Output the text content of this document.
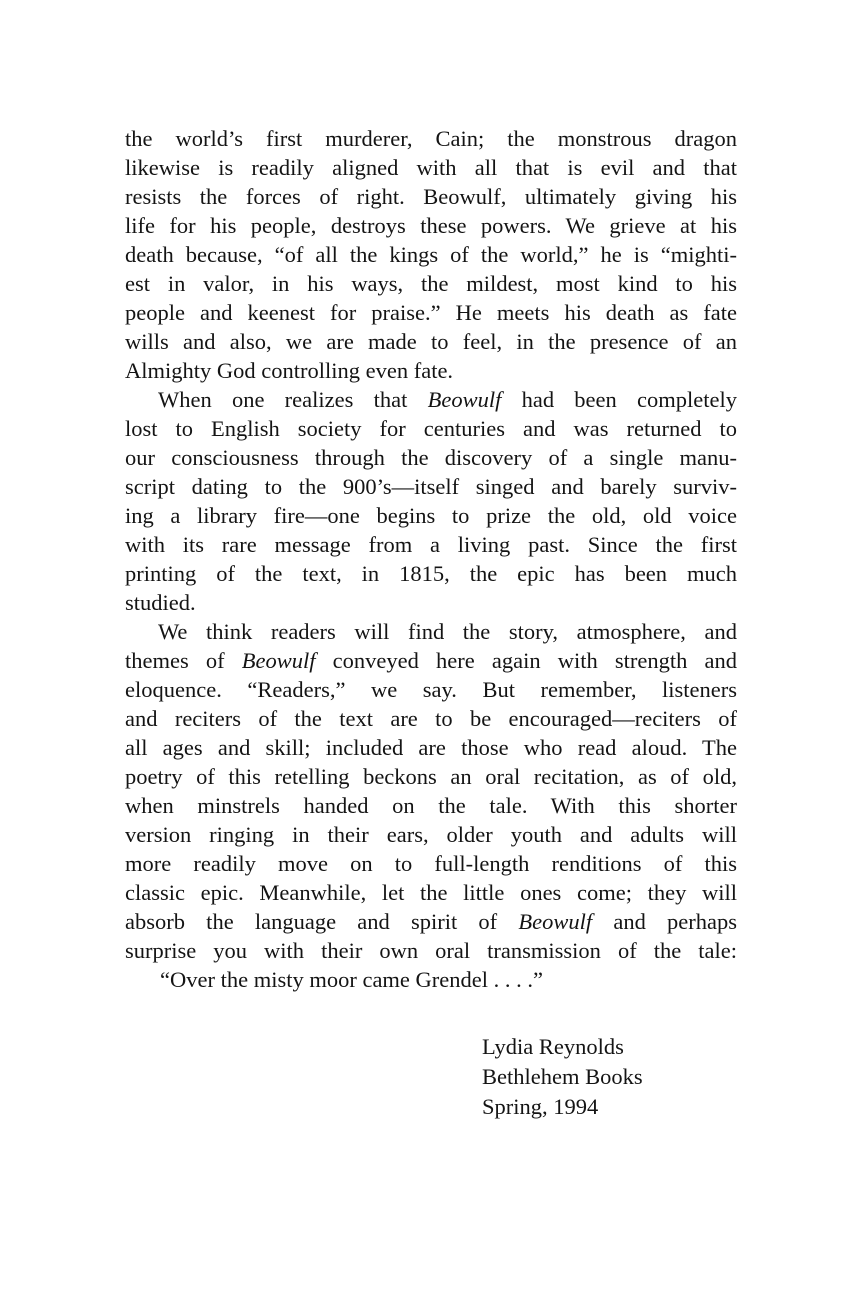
the world’s first murderer, Cain; the monstrous dragon
likewise is readily aligned with all that is evil and that
resists the forces of right. Beowulf, ultimately giving his
life for his people, destroys these powers. We grieve at his
death because, “of all the kings of the world,” he is “mighti-
est in valor, in his ways, the mildest, most kind to his
people and keenest for praise.” He meets his death as fate
wills and also, we are made to feel, in the presence of an
Almighty God controlling even fate.
When one realizes that Beowulf had been completely
lost to English society for centuries and was returned to
our consciousness through the discovery of a single manu-
script dating to the 900’s—itself singed and barely surviv-
ing a library fire—one begins to prize the old, old voice
with its rare message from a living past. Since the first
printing of the text, in 1815, the epic has been much
studied.
We think readers will find the story, atmosphere, and
themes of Beowulf conveyed here again with strength and
eloquence. “Readers,” we say. But remember, listeners
and reciters of the text are to be encouraged—reciters of
all ages and skill; included are those who read aloud. The
poetry of this retelling beckons an oral recitation, as of old,
when minstrels handed on the tale. With this shorter
version ringing in their ears, older youth and adults will
more readily move on to full-length renditions of this
classic epic. Meanwhile, let the little ones come; they will
absorb the language and spirit of Beowulf and perhaps
surprise you with their own oral transmission of the tale:
“Over the misty moor came Grendel . . . .”
Lydia Reynolds
Bethlehem Books
Spring, 1994
